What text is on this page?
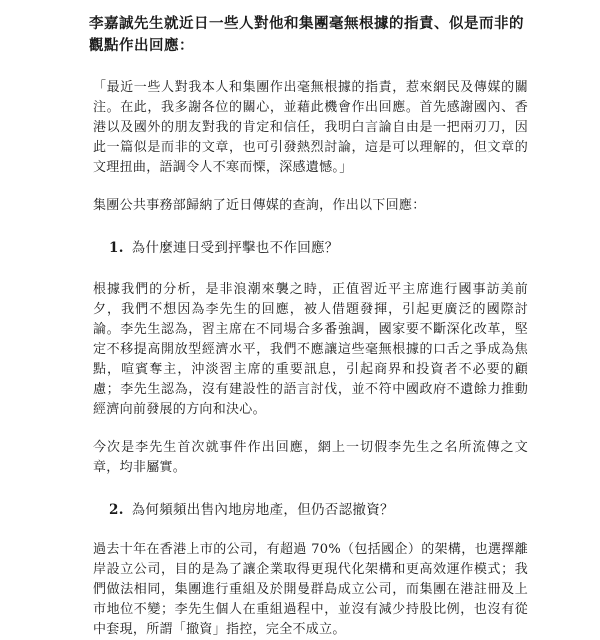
李嘉誠先生就近日一些人對他和集團毫無根據的指責、似是而非的觀點作出回應：

「最近一些人對我本人和集團作出毫無根據的指責，惹來網民及傳媒的關注。在此，我多謝各位的關心，並藉此機會作出回應。首先感謝國內、香港以及國外的朋友對我的肯定和信任，我明白言論自由是一把兩刃刀，因此一篇似是而非的文章，也可引發熱烈討論，這是可以理解的，但文章的文理扭曲，語調令人不寒而慄，深感遺憾。」

集團公共事務部歸納了近日傳媒的查詢，作出以下回應：

1. 為什麼連日受到抨擊也不作回應？

根據我們的分析，是非浪潮來襲之時，正值習近平主席進行國事訪美前夕，我們不想因為李先生的回應，被人借題發揮，引起更廣泛的國際討論。李先生認為，習主席在不同場合多番強調，國家要不斷深化改革，堅定不移提高開放型經濟水平，我們不應讓這些毫無根據的口舌之爭成為焦點，喧賓奪主，沖淡習主席的重要訊息，引起商界和投資者不必要的顧慮；李先生認為，沒有建設性的語言討伐，並不符中國政府不遺餘力推動經濟向前發展的方向和決心。

今次是李先生首次就事件作出回應，網上一切假李先生之名所流傳之文章，均非屬實。

2. 為何頻頻出售內地房地產，但仍否認撤資？

過去十年在香港上市的公司，有超過 70%（包括國企）的架構，也選擇離岸設立公司，目的是為了讓企業取得更現代化架構和更高效運作模式；我們做法相同，集團進行重組及於開曼群島成立公司，而集團在港註冊及上市地位不變；李先生個人在重組過程中，並沒有減少持股比例，也沒有從中套現，所謂「撤資」指控，完全不成立。
